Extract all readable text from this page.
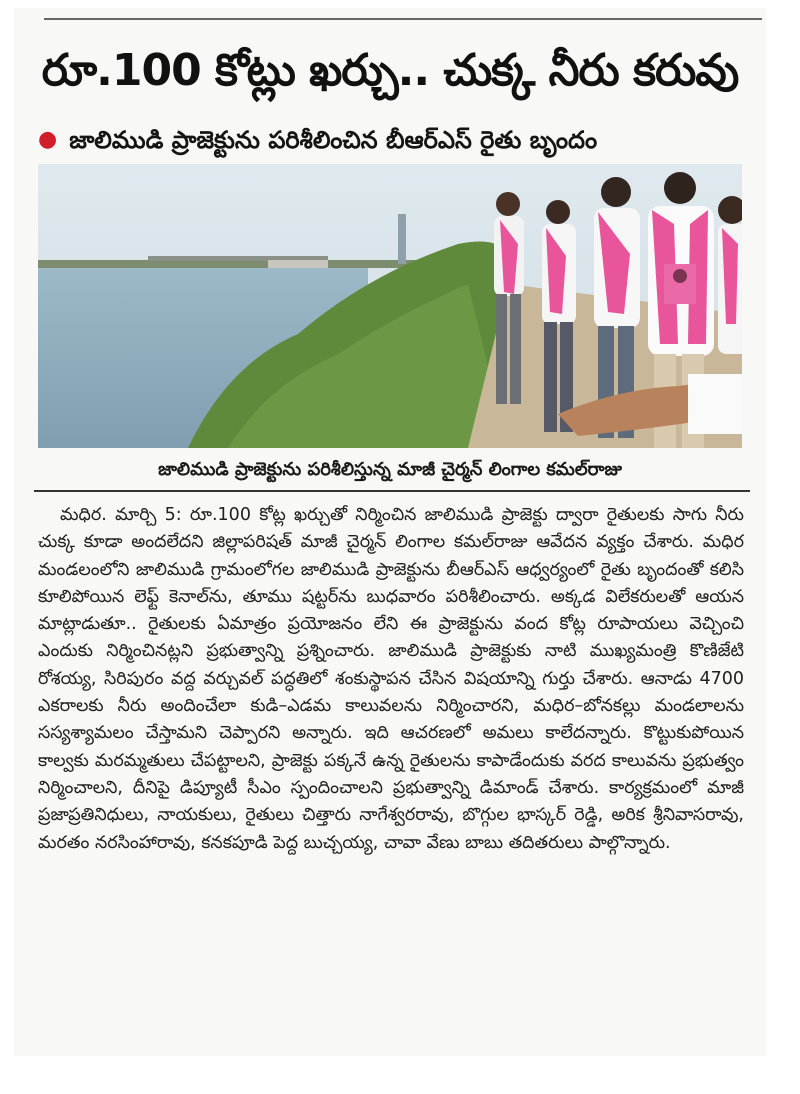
రూ.100 కోట్లు ఖర్చు.. చుక్క నీరు కరువు
● జాలిముడి ప్రాజెక్టును పరిశీలించిన బీఆర్ఎస్ రైతు బృందం
జాలిముడి ప్రాజెక్టును పరిశీలిస్తున్న మాజీ చైర్మన్ లింగాల కమల్‌రాజు
మధిర. మార్చి 5: రూ.100 కోట్ల ఖర్చుతో నిర్మించిన జాలిముడి ప్రాజెక్టు ద్వారా రైతులకు సాగు నీరు చుక్క కూడా అందలేదని జిల్లాపరిషత్ మాజీ చైర్మన్ లింగాల కమల్‌రాజు ఆవేదన వ్యక్తం చేశారు. మధిర మండలంలోని జాలిముడి గ్రామంలోగల జాలిముడి ప్రాజెక్టును బీఆర్ఎస్ ఆధ్వర్యంలో రైతు బృందంతో కలిసి కూలిపోయిన లెఫ్ట్ కెనాల్‌ను, తూము షట్టర్‌ను బుధవారం పరిశీలించారు. అక్కడ విలేకరులతో ఆయన మాట్లాడుతూ.. రైతులకు ఏమాత్రం ప్రయోజనం లేని ఈ ప్రాజెక్టును వంద కోట్ల రూపాయలు వెచ్చించి ఎందుకు నిర్మించినట్లని ప్రభుత్వాన్ని ప్రశ్నించారు. జాలిముడి ప్రాజెక్టుకు నాటి ముఖ్యమంత్రి కొణిజేటి రోశయ్య, సిరిపురం వద్ద వర్చువల్ పద్ధతిలో శంకుస్థాపన చేసిన విషయాన్ని గుర్తు చేశారు. ఆనాడు 4700 ఎకరాలకు నీరు అందించేలా కుడి–ఎడమ కాలువలను నిర్మించారని, మధిర–బోనకల్లు మండలాలను సస్యశ్యామలం చేస్తామని చెప్పారని అన్నారు. ఇది ఆచరణలో అమలు కాలేదన్నారు. కొట్టుకుపోయిన కాల్వకు మరమ్మతులు చేపట్టాలని, ప్రాజెక్టు పక్కనే ఉన్న రైతులను కాపాడేందుకు వరద కాలువను ప్రభుత్వం నిర్మించాలని, దీనిపై డిప్యూటీ సీఎం స్పందించాలని ప్రభుత్వాన్ని డిమాండ్ చేశారు. కార్యక్రమంలో మాజీ ప్రజాప్రతినిధులు, నాయకులు, రైతులు చిత్తారు నాగేశ్వరరావు, బొగ్గుల భాస్కర్ రెడ్డి, అరిక శ్రీనివాసరావు, మరతం నరసింహారావు, కనకపూడి పెద్ద బుచ్చయ్య, చావా వేణు బాబు తదితరులు పాల్గొన్నారు.
